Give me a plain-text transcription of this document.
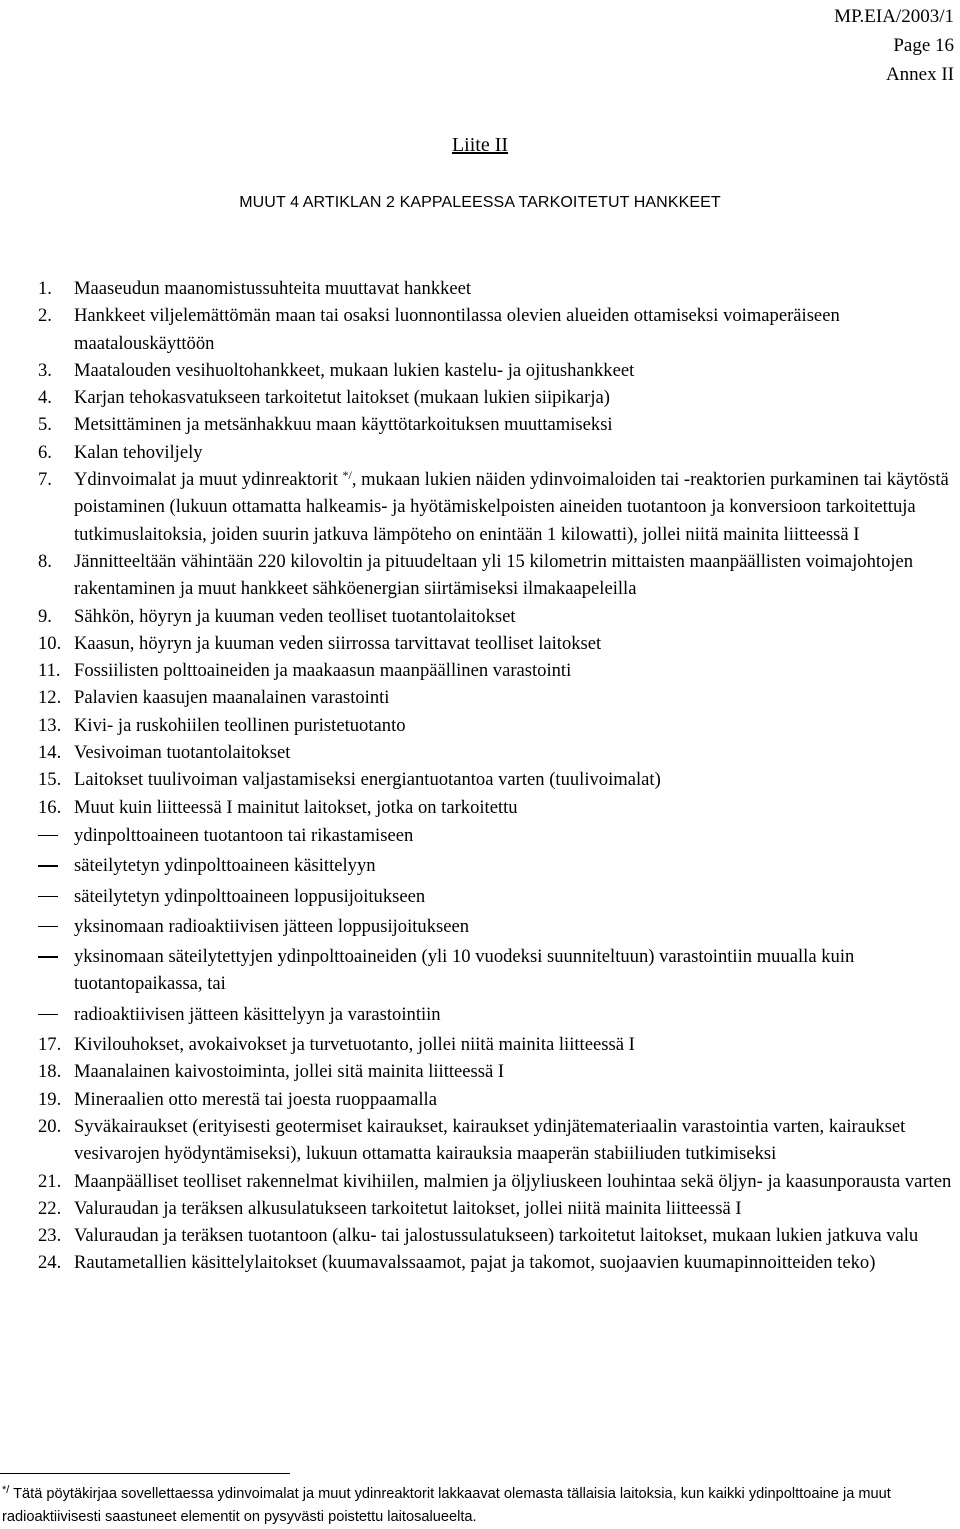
MP.EIA/2003/1
Page 16
Annex II
Liite II
MUUT 4 ARTIKLAN 2 KAPPALEESSA TARKOITETUT HANKKEET
1. Maaseudun maanomistussuhteita muuttavat hankkeet
2. Hankkeet viljelemättömän maan tai osaksi luonnontilassa olevien alueiden ottamiseksi voimaperäiseen maatalouskäyttöön
3. Maatalouden vesihuoltohankkeet, mukaan lukien kastelu- ja ojitushankkeet
4. Karjan tehokasvatukseen tarkoitetut laitokset (mukaan lukien siipikarja)
5. Metsittäminen ja metsänhakkuu maan käyttötarkoituksen muuttamiseksi
6. Kalan tehoviljely
7. Ydinvoimalat ja muut ydinreaktorit */, mukaan lukien näiden ydinvoimaloiden tai -reaktorien purkaminen tai käytöstä poistaminen (lukuun ottamatta halkeamis- ja hyötämiskelpoisten aineiden tuotantoon ja konversioon tarkoitettuja tutkimuslaitoksia, joiden suurin jatkuva lämpöteho on enintään 1 kilowatti), jollei niitä mainita liitteessä I
8. Jännitteeltään vähintään 220 kilovoltin ja pituudeltaan yli 15 kilometrin mittaisten maanpäällisten voimajohtojen rakentaminen ja muut hankkeet sähköenergian siirtämiseksi ilmakaapeleilla
9. Sähkön, höyryn ja kuuman veden teolliset tuotantolaitokset
10. Kaasun, höyryn ja kuuman veden siirrossa tarvittavat teolliset laitokset
11. Fossiilisten polttoaineiden ja maakaasun maanpäällinen varastointi
12. Palavien kaasujen maanalainen varastointi
13. Kivi- ja ruskohiilen teollinen puristetuotanto
14. Vesivoiman tuotantolaitokset
15. Laitokset tuulivoiman valjastamiseksi energiantuotantoa varten (tuulivoimalat)
16. Muut kuin liitteessä I mainitut laitokset, jotka on tarkoitettu
ydinpolttoaineen tuotantoon tai rikastamiseen
säteilytetyn ydinpolttoaineen käsittelyyn
säteilytetyn ydinpolttoaineen loppusijoitukseen
yksinomaan radioaktiivisen jätteen loppusijoitukseen
yksinomaan säteilytettyjen ydinpolttoaineiden (yli 10 vuodeksi suunniteltuun) varastointiin muualla kuin tuotantopaikassa, tai
radioaktiivisen jätteen käsittelyyn ja varastointiin
17. Kivilouhokset, avokaivokset ja turvetuotanto, jollei niitä mainita liitteessä I
18. Maanalainen kaivostoiminta, jollei sitä mainita liitteessä I
19. Mineraalien otto merestä tai joesta ruoppaamalla
20. Syväkairaukset (erityisesti geotermiset kairaukset, kairaukset ydinjätemateriaalin varastointia varten, kairaukset vesivarojen hyödyntämiseksi), lukuun ottamatta kairauksia maaperän stabiiliuden tutkimiseksi
21. Maanpäälliset teolliset rakennelmat kivihiilen, malmien ja öljyliuskeen louhintaa sekä öljyn- ja kaasunporausta varten
22. Valuraudan ja teräksen alkusulatukseen tarkoitetut laitokset, jollei niitä mainita liitteessä I
23. Valuraudan ja teräksen tuotantoon (alku- tai jalostussulatukseen) tarkoitetut laitokset, mukaan lukien jatkuva valu
24. Rautametallien käsittelylaitokset (kuumavalssaamot, pajat ja takomot, suojaavien kuumapinnoitteiden teko)
*/ Tätä pöytäkirjaa sovellettaessa ydinvoimalat ja muut ydinreaktorit lakkaavat olemasta tällaisia laitoksia, kun kaikki ydinpolttoaine ja muut radioaktiivisesti saastuneet elementit on pysyvästi poistettu laitosalueelta.
